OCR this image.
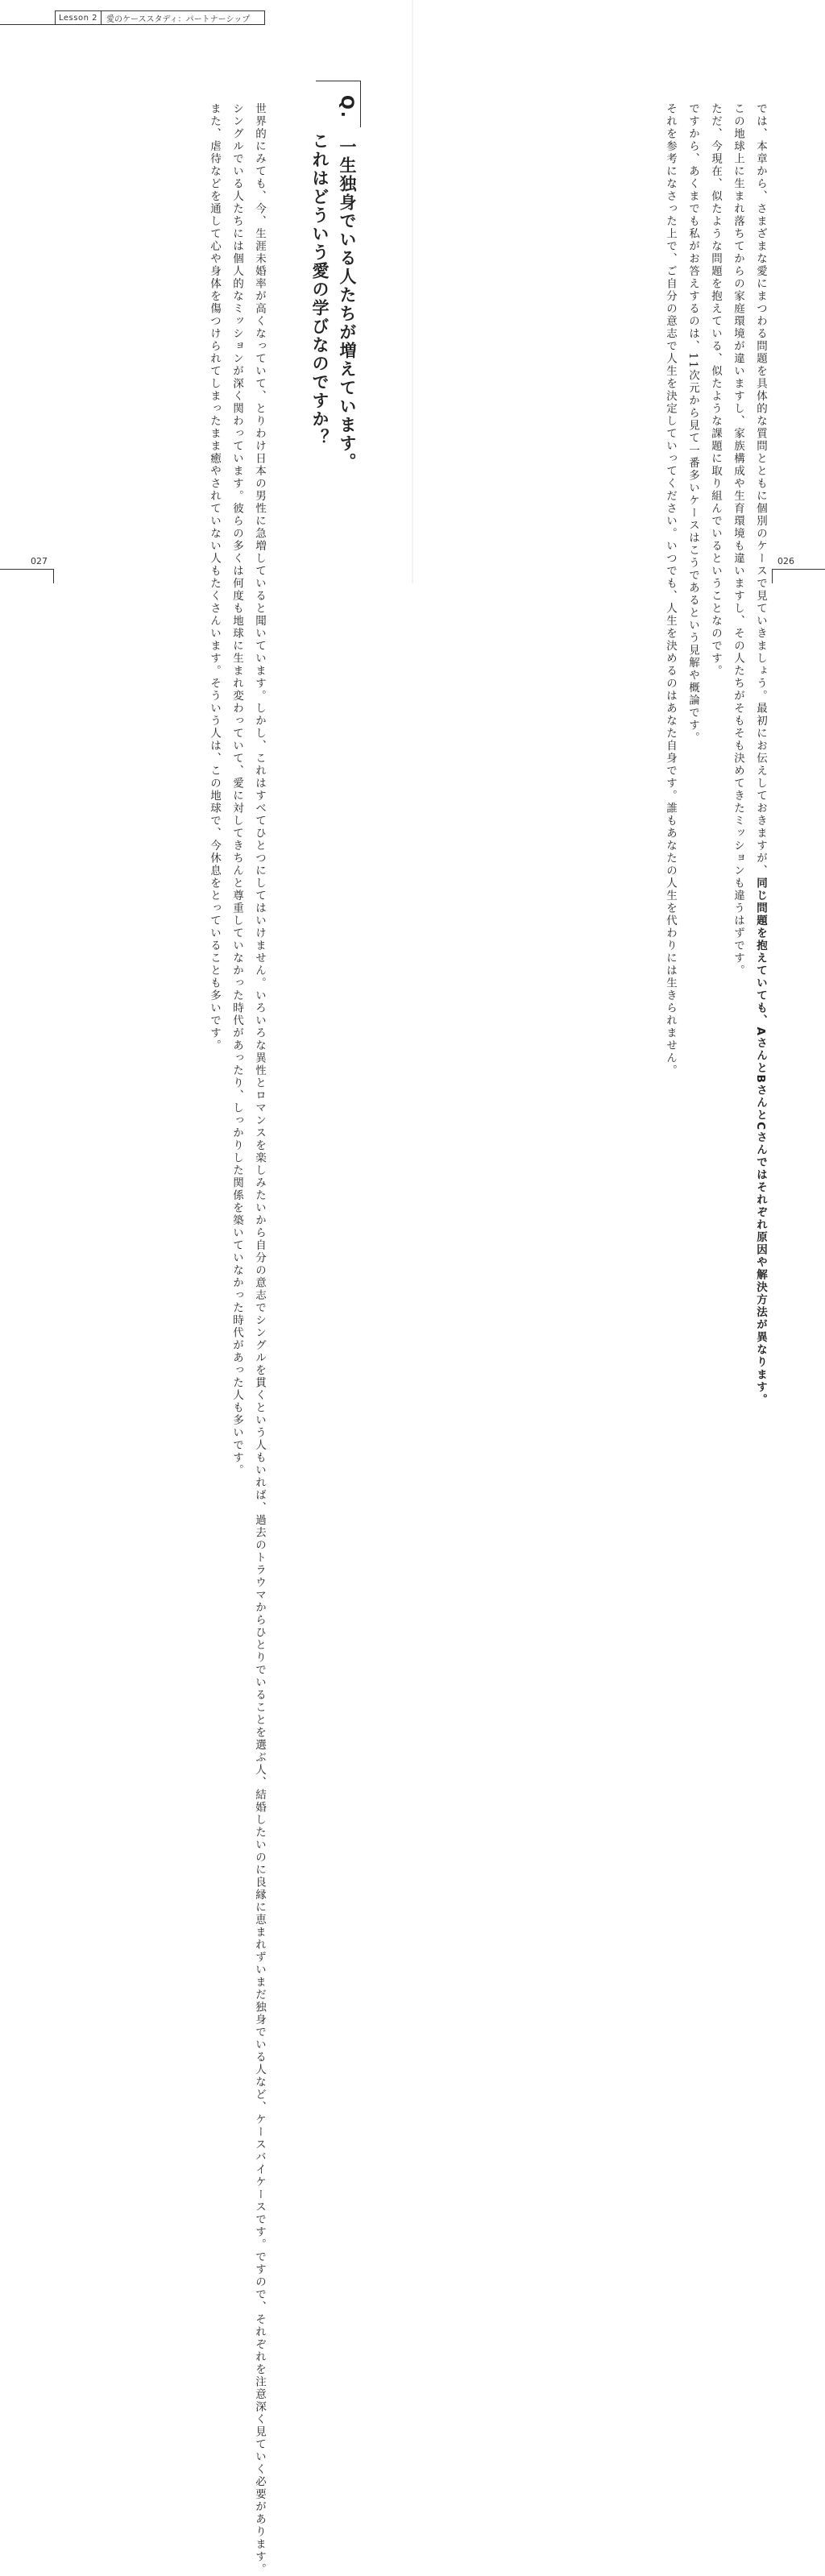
Lesson 2	愛のケーススタディ：パートナーシップ
Q.　一生独身でいる人たちが増えています。
　　これはどういう愛の学びなのですか？

　世界的にみても、今、生涯未婚率が高くなっていて、とりわけ日本の男性に急増していると聞いています。しかし、これはすべてひとつにしてはいけません。いろいろな異性とロマンスを楽しみたいから自分の意志でシングルを貫くという人もいれば、過去のトラウマからひとりでいることを選ぶ人、結婚したいのに良縁に恵まれずいまだ独身でいる人など、ケースバイケースです。ですので、それぞれを注意深く見ていく必要があります。

　シングルでいる人たちには個人的なミッションが深く関わっています。彼らの多くは何度も地球に生まれ変わっていて、愛に対してきちんと尊重していなかった時代があったり、しっかりした関係を築いていなかった時代があった人も多いです。

　また、虐待などを通して心や身体を傷つけられてしまったまま癒やされていない人もたくさんいます。そういう人は、この地球で、今休息をとっていることも多いです。	　では、本章から、さまざまな愛にまつわる問題を具体的な質問とともに個別のケースで見ていきましょう。最初にお伝えしておきますが、同じ問題を抱えていても、AさんとBさんとCさんではそれぞれ原因や解決方法が異なります。

　この地球上に生まれ落ちてからの家庭環境が違いますし、家族構成や生育環境も違いますし、その人たちがそもそも決めてきたミッションも違うはずです。

　ただ、今現在、似たような問題を抱えている、似たような課題に取り組んでいるということなのです。

　ですから、あくまでも私がお答えするのは、11次元から見て一番多いケースはこうであるという見解や概論です。

　それを参考になさった上で、ご自分の意志で人生を決定していってください。いつでも、人生を決めるのはあなた自身です。誰もあなたの人生を代わりには生きられません。

027	026
